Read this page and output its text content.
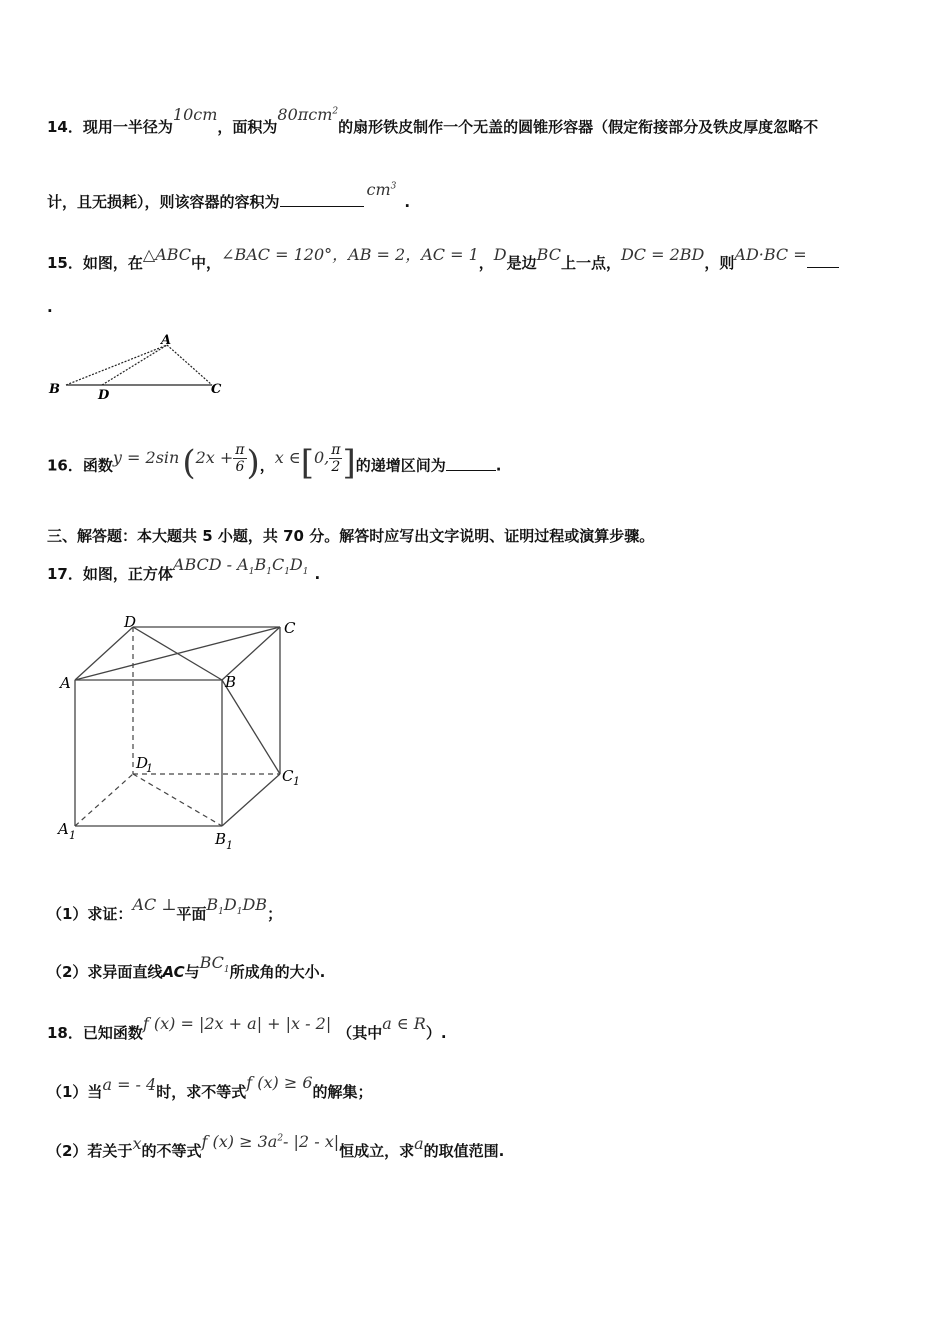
14．现用一半径为10cm，面积为80πcm$^2$的扇形铁皮制作一个无盖的圆锥形容器（假定衔接部分及铁皮厚度忽略不
计，且无损耗），则该容器的容积为$cm^3$.
15．如图，在△ABC中，∠BAC = 120°，AB = 2，AC = 1，D是边BC上一点，DC = 2BD，则AD·BC =
.
A
B	C
D
16．函数$y = 2\sin(2x + \frac{\pi}{6}$ )，x ∈[0, $\frac{\pi}{2}$ ]的递增区间为	.
三、解答题：本大题共 5 小题，共 70 分。解答时应写出文字说明、证明过程或演算步骤。
17．如图，正方体ABCD - $A_1B_1C_1D_1$ .
D	C
A	B
D
1	C 1
A 1	B 1
（1）求证：AC ⊥平面$B_1D_1DB$；
（2）求异面直线AC与$BC_1$所成角的大小.
18．已知函数f (x) = |2x + a| + |x - 2| （其中a ∈ R）.
（1）当a = - 4时，求不等式f (x) ≥ 6的解集；
（2）若关于x的不等式f $(x) \ge 3a^2-$ |2 - x|恒成立，求a的取值范围.
